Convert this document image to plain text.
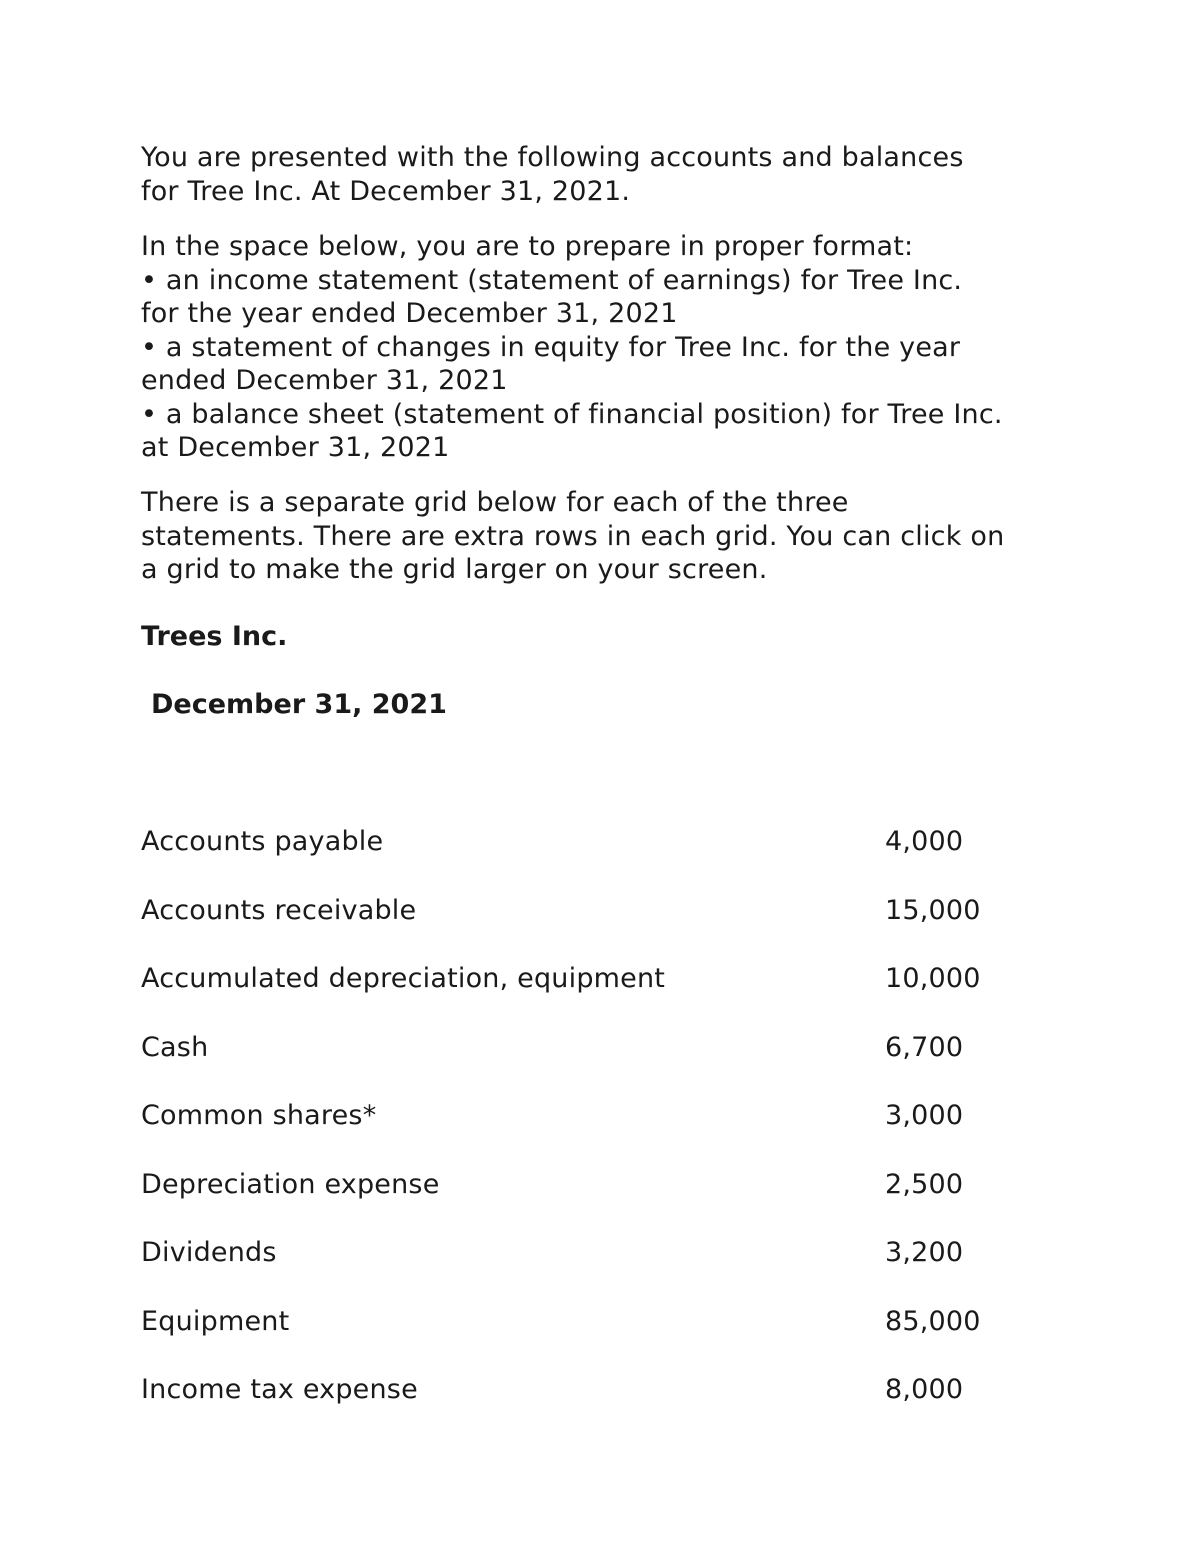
You are presented with the following accounts and balances
for Tree Inc. At December 31, 2021.
In the space below, you are to prepare in proper format:
• an income statement (statement of earnings) for Tree Inc.
for the year ended December 31, 2021
• a statement of changes in equity for Tree Inc. for the year
ended December 31, 2021
• a balance sheet (statement of financial position) for Tree Inc.
at December 31, 2021
There is a separate grid below for each of the three
statements. There are extra rows in each grid. You can click on
a grid to make the grid larger on your screen.
Trees Inc.
December 31, 2021
Accounts payable	4,000
Accounts receivable	15,000
Accumulated depreciation, equipment	10,000
Cash	6,700
Common shares*	3,000
Depreciation expense	2,500
Dividends	3,200
Equipment	85,000
Income tax expense	8,000
